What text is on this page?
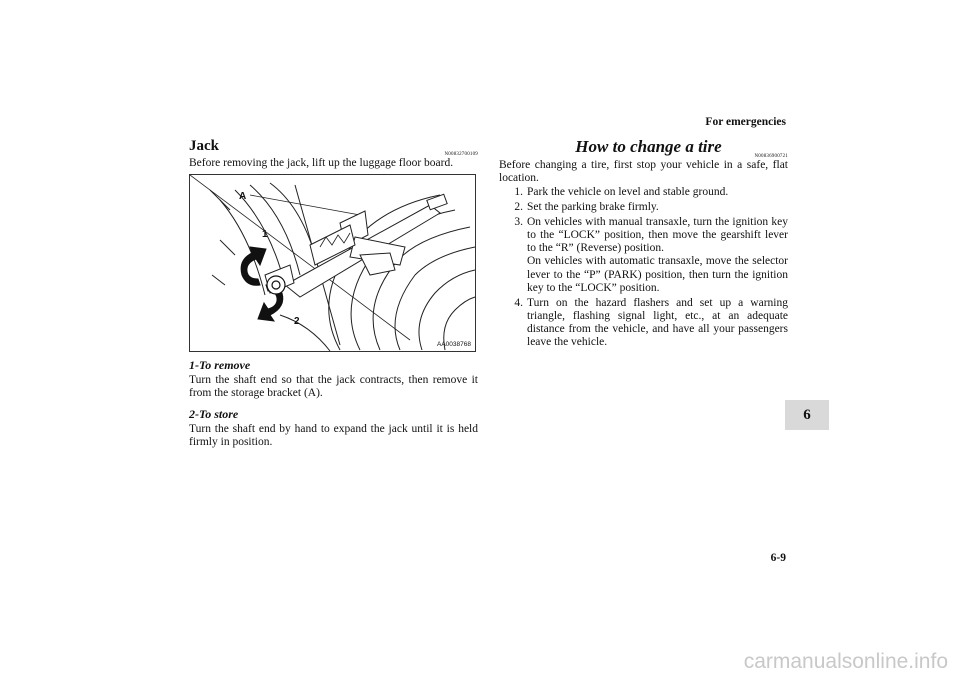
For emergencies
Jack
N00832700109

Before removing the jack, lift up the luggage floor board.

A
1
2
AA0038768
1-To remove

Turn the shaft end so that the jack contracts, then remove it from the storage bracket (A).

2-To store

Turn the shaft end by hand to expand the jack until it is held firmly in position.

How to change a tire
N00836900721

Before changing a tire, first stop your vehicle in a safe, flat location.

1. Park the vehicle on level and stable ground.
2. Set the parking brake firmly.
3. On vehicles with manual transaxle, turn the ignition key to the “LOCK” position, then move the gearshift lever to the “R” (Reverse) position.
On vehicles with automatic transaxle, move the selector lever to the “P” (PARK) position, then turn the ignition key to the “LOCK” position.
4. Turn on the hazard flashers and set up a warning triangle, flashing signal light, etc., at an adequate distance from the vehicle, and have all your passengers leave the vehicle.
6
6-9
carmanualsonline.info
